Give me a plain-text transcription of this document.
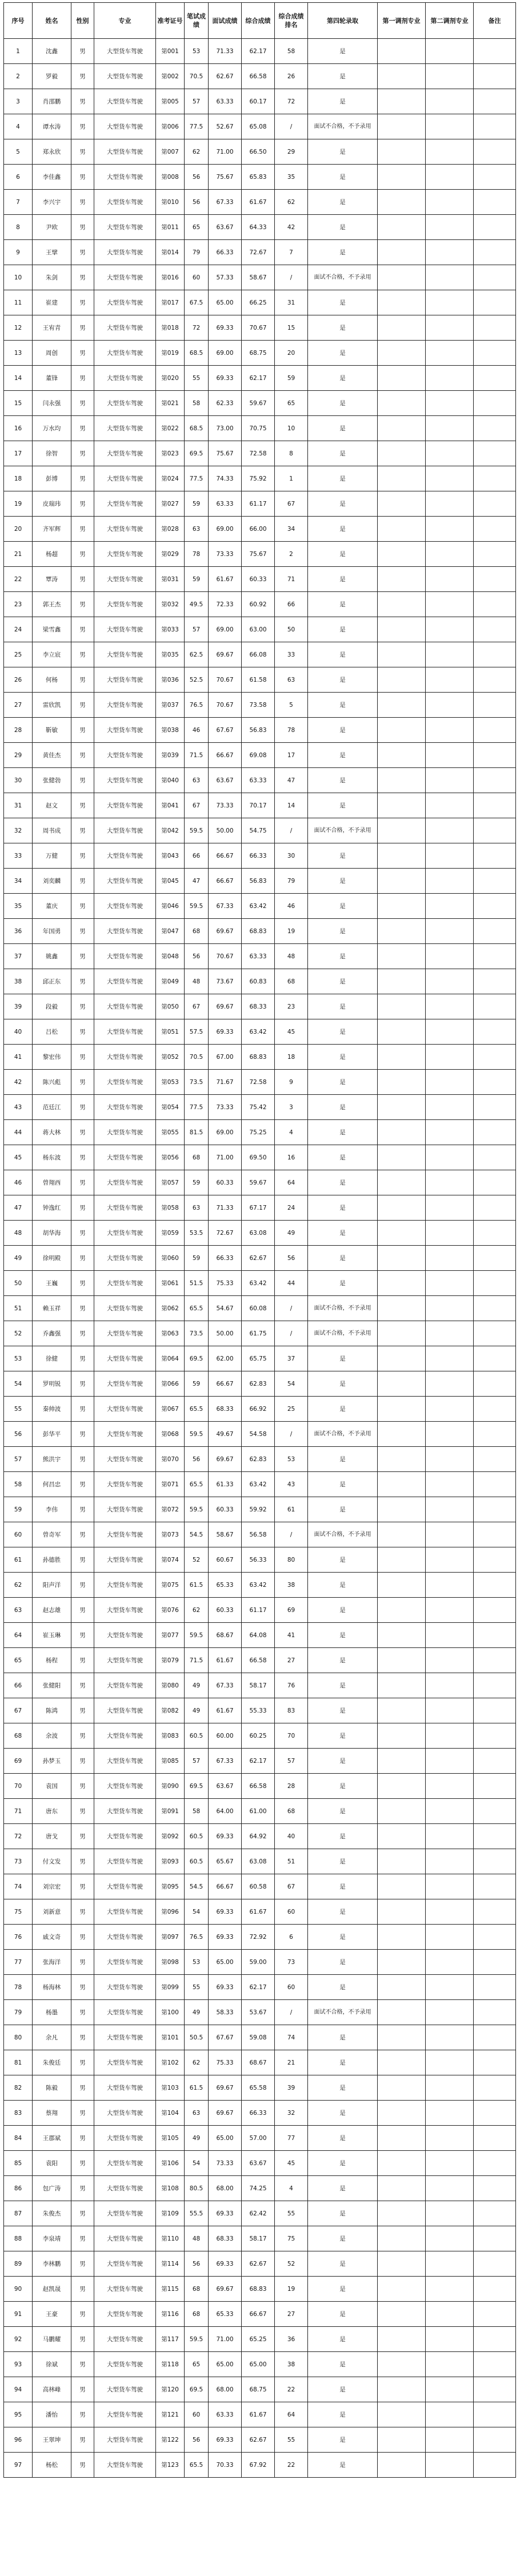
序号	姓名	性别	专业	准考证号	笔试成绩	面试成绩	综合成绩	综合成绩排名	第四轮录取	第一调剂专业	第二调剂专业	备注
1	沈鑫	男	大型货车驾驶	第001	53	71.33	62.17	58	是			
2	罗毅	男	大型货车驾驶	第002	70.5	62.67	66.58	26	是			
3	肖邵鹏	男	大型货车驾驶	第005	57	63.33	60.17	72	是			
4	谭水涛	男	大型货车驾驶	第006	77.5	52.67	65.08	/	面试不合格，不予录用			
5	郑永欣	男	大型货车驾驶	第007	62	71.00	66.50	29	是			
6	李佳鑫	男	大型货车驾驶	第008	56	75.67	65.83	35	是			
7	李兴宇	男	大型货车驾驶	第010	56	67.33	61.67	62	是			
8	尹欧	男	大型货车驾驶	第011	65	63.67	64.33	42	是			
9	王擘	男	大型货车驾驶	第014	79	66.33	72.67	7	是			
10	朱剑	男	大型货车驾驶	第016	60	57.33	58.67	/	面试不合格，不予录用			
11	崔建	男	大型货车驾驶	第017	67.5	65.00	66.25	31	是			
12	王宥青	男	大型货车驾驶	第018	72	69.33	70.67	15	是			
13	周创	男	大型货车驾驶	第019	68.5	69.00	68.75	20	是			
14	董锋	男	大型货车驾驶	第020	55	69.33	62.17	59	是			
15	闫永强	男	大型货车驾驶	第021	58	62.33	59.67	65	是			
16	万水均	男	大型货车驾驶	第022	68.5	73.00	70.75	10	是			
17	徐智	男	大型货车驾驶	第023	69.5	75.67	72.58	8	是			
18	彭博	男	大型货车驾驶	第024	77.5	74.33	75.92	1	是			
19	皮瑞玮	男	大型货车驾驶	第027	59	63.33	61.17	67	是			
20	齐军辉	男	大型货车驾驶	第028	63	69.00	66.00	34	是			
21	杨超	男	大型货车驾驶	第029	78	73.33	75.67	2	是			
22	覃涛	男	大型货车驾驶	第031	59	61.67	60.33	71	是			
23	郭王杰	男	大型货车驾驶	第032	49.5	72.33	60.92	66	是			
24	梁雪鑫	男	大型货车驾驶	第033	57	69.00	63.00	50	是			
25	李立宸	男	大型货车驾驶	第035	62.5	69.67	66.08	33	是			
26	何杨	男	大型货车驾驶	第036	52.5	70.67	61.58	63	是			
27	雷欣凯	男	大型货车驾驶	第037	76.5	70.67	73.58	5	是			
28	靳敏	男	大型货车驾驶	第038	46	67.67	56.83	78	是			
29	黄佳杰	男	大型货车驾驶	第039	71.5	66.67	69.08	17	是			
30	张健勃	男	大型货车驾驶	第040	63	63.67	63.33	47	是			
31	赵文	男	大型货车驾驶	第041	67	73.33	70.17	14	是			
32	周书成	男	大型货车驾驶	第042	59.5	50.00	54.75	/	面试不合格，不予录用			
33	万健	男	大型货车驾驶	第043	66	66.67	66.33	30	是			
34	刘奕麟	男	大型货车驾驶	第045	47	66.67	56.83	79	是			
35	董庆	男	大型货车驾驶	第046	59.5	67.33	63.42	46	是			
36	年国勇	男	大型货车驾驶	第047	68	69.67	68.83	19	是			
37	姚鑫	男	大型货车驾驶	第048	56	70.67	63.33	48	是			
38	邱正东	男	大型货车驾驶	第049	48	73.67	60.83	68	是			
39	段毅	男	大型货车驾驶	第050	67	69.67	68.33	23	是			
40	吕松	男	大型货车驾驶	第051	57.5	69.33	63.42	45	是			
41	黎宏伟	男	大型货车驾驶	第052	70.5	67.00	68.83	18	是			
42	陈兴彪	男	大型货车驾驶	第053	73.5	71.67	72.58	9	是			
43	范廷江	男	大型货车驾驶	第054	77.5	73.33	75.42	3	是			
44	蒋大林	男	大型货车驾驶	第055	81.5	69.00	75.25	4	是			
45	杨东波	男	大型货车驾驶	第056	68	71.00	69.50	16	是			
46	曾翔西	男	大型货车驾驶	第057	59	60.33	59.67	64	是			
47	钟逸红	男	大型货车驾驶	第058	63	71.33	67.17	24	是			
48	胡华海	男	大型货车驾驶	第059	53.5	72.67	63.08	49	是			
49	徐明殿	男	大型货车驾驶	第060	59	66.33	62.67	56	是			
50	王巍	男	大型货车驾驶	第061	51.5	75.33	63.42	44	是			
51	赖玉祥	男	大型货车驾驶	第062	65.5	54.67	60.08	/	面试不合格，不予录用			
52	乔鑫强	男	大型货车驾驶	第063	73.5	50.00	61.75	/	面试不合格，不予录用			
53	徐健	男	大型货车驾驶	第064	69.5	62.00	65.75	37	是			
54	罗明锐	男	大型货车驾驶	第066	59	66.67	62.83	54	是			
55	秦帅波	男	大型货车驾驶	第067	65.5	68.33	66.92	25	是			
56	彭华平	男	大型货车驾驶	第068	59.5	49.67	54.58	/	面试不合格，不予录用			
57	熊洪宇	男	大型货车驾驶	第070	56	69.67	62.83	53	是			
58	何昌忠	男	大型货车驾驶	第071	65.5	61.33	63.42	43	是			
59	李伟	男	大型货车驾驶	第072	59.5	60.33	59.92	61	是			
60	曾奇军	男	大型货车驾驶	第073	54.5	58.67	56.58	/	面试不合格，不予录用			
61	孙德胜	男	大型货车驾驶	第074	52	60.67	56.33	80	是			
62	阳声洋	男	大型货车驾驶	第075	61.5	65.33	63.42	38	是			
63	赵志雄	男	大型货车驾驶	第076	62	60.33	61.17	69	是			
64	崔玉琳	男	大型货车驾驶	第077	59.5	68.67	64.08	41	是			
65	杨程	男	大型货车驾驶	第079	71.5	61.67	66.58	27	是			
66	张健阳	男	大型货车驾驶	第080	49	67.33	58.17	76	是			
67	陈鸿	男	大型货车驾驶	第082	49	61.67	55.33	83	是			
68	余波	男	大型货车驾驶	第083	60.5	60.00	60.25	70	是			
69	孙梦玉	男	大型货车驾驶	第085	57	67.33	62.17	57	是			
70	袁国	男	大型货车驾驶	第090	69.5	63.67	66.58	28	是			
71	唐东	男	大型货车驾驶	第091	58	64.00	61.00	68	是			
72	唐戈	男	大型货车驾驶	第092	60.5	69.33	64.92	40	是			
73	付文发	男	大型货车驾驶	第093	60.5	65.67	63.08	51	是			
74	刘宗宏	男	大型货车驾驶	第095	54.5	66.67	60.58	67	是			
75	刘新意	男	大型货车驾驶	第096	54	69.33	61.67	60	是			
76	戚文奇	男	大型货车驾驶	第097	76.5	69.33	72.92	6	是			
77	张海洋	男	大型货车驾驶	第098	53	65.00	59.00	73	是			
78	杨海林	男	大型货车驾驶	第099	55	69.33	62.17	60	是			
79	杨墨	男	大型货车驾驶	第100	49	58.33	53.67	/	面试不合格，不予录用			
80	余凡	男	大型货车驾驶	第101	50.5	67.67	59.08	74	是			
81	朱俊廷	男	大型货车驾驶	第102	62	75.33	68.67	21	是			
82	陈毅	男	大型货车驾驶	第103	61.5	69.67	65.58	39	是			
83	蔡翔	男	大型货车驾驶	第104	63	69.67	66.33	32	是			
84	王郡斌	男	大型货车驾驶	第105	49	65.00	57.00	77	是			
85	袁阳	男	大型货车驾驶	第106	54	73.33	63.67	45	是			
86	包广涛	男	大型货车驾驶	第108	80.5	68.00	74.25	4	是			
87	朱俊杰	男	大型货车驾驶	第109	55.5	69.33	62.42	55	是			
88	李泉靖	男	大型货车驾驶	第110	48	68.33	58.17	75	是			
89	李林鹏	男	大型货车驾驶	第114	56	69.33	62.67	52	是			
90	赵凯晟	男	大型货车驾驶	第115	68	69.67	68.83	19	是			
91	王豪	男	大型货车驾驶	第116	68	65.33	66.67	27	是			
92	马鹏耀	男	大型货车驾驶	第117	59.5	71.00	65.25	36	是			
93	徐斌	男	大型货车驾驶	第118	65	65.00	65.00	38	是			
94	高林峰	男	大型货车驾驶	第120	69.5	68.00	68.75	22	是			
95	潘怡	男	大型货车驾驶	第121	60	63.33	61.67	64	是			
96	王翠坤	男	大型货车驾驶	第122	56	69.33	62.67	55	是			
97	杨松	男	大型货车驾驶	第123	65.5	70.33	67.92	22	是			
